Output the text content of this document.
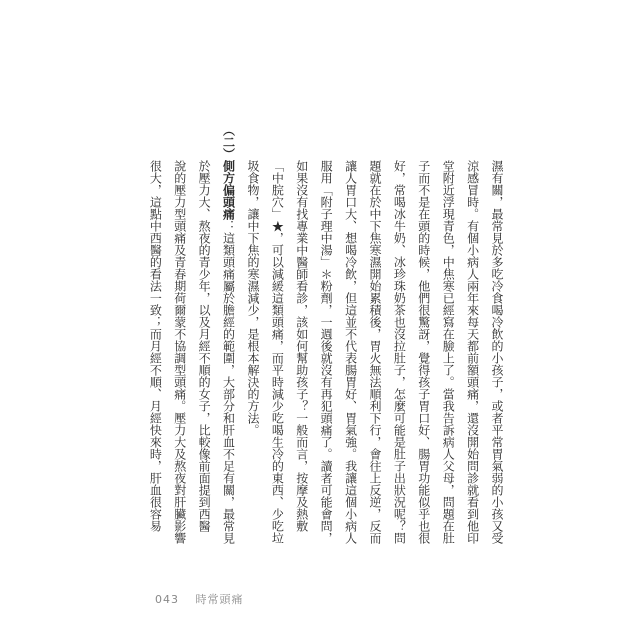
濕有關，最常見於多吃冷食喝冷飲的小孩子，或者平常胃氣弱的小孩又受
涼感冒時。有個小病人兩年來每天都前額頭痛，還沒開始問診就看到他印
堂附近浮現青色，中焦寒已經寫在臉上了。當我告訴病人父母，問題在肚
子而不是在頭的時候，他們很驚訝，覺得孩子胃口好、腸胃功能似乎也很
好，常喝冰牛奶、冰珍珠奶茶也沒拉肚子，怎麼可能是肚子出狀況呢？問
題就在於中下焦寒濕開始累積後，胃火無法順利下行，會往上反逆，反而
讓人胃口大、想喝冷飲，但這並不代表腸胃好、胃氣強。我讓這個小病人
服用「附子理中湯」＊粉劑，一週後就沒有再犯頭痛了。讀者可能會問，
如果沒有找專業中醫師看診，該如何幫助孩子？一般而言，按摩及熱敷
「中脘穴」★，可以減緩這類頭痛，而平時減少吃喝生冷的東西、少吃垃
圾食物，讓中下焦的寒濕減少，是根本解決的方法。
（二）側方偏頭痛：這類頭痛屬於膽經的範圍，大部分和肝血不足有關，最常見
於壓力大、熬夜的青少年，以及月經不順的女子，比較像前面提到西醫
說的壓力型頭痛及青春期荷爾蒙不協調型頭痛。壓力大及熬夜對肝臟影響
很大，這點中西醫的看法一致；而月經不順、月經快來時，肝血很容易
043 時常頭痛
